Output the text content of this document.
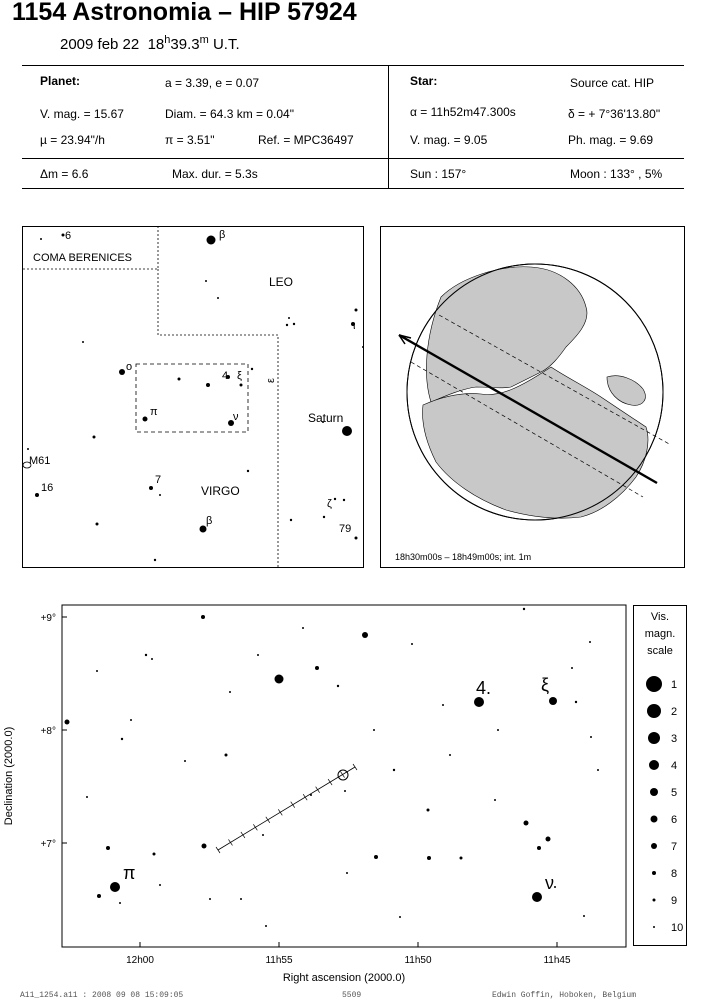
1154 Astronomia – HIP 57924
2009 feb 22 18$^h$39.3$^m$ U.T.
Planet:	a = 3.39, e = 0.07
V. mag. = 15.67	Diam. = 64.3 km = 0.04"
µ = 23.94"/h	π = 3.51"	Ref. = MPC36497
Star:	Source cat. HIP
α = 11h52m47.300s	δ = + 7°36'13.80"
V. mag. = 9.05	Ph. mag. = 9.69
Δm = 6.6	Max. dur. = 5.3s	Sun : 157°	Moon : 133° , 5%
COMA BERENICES
LEO
VIRGO
Saturn
M61
6
16
7
79
4
β
β
o
ξ
π	ν
ε
ι
ζ
18h30m00s – 18h49m00s; int. 1m
+9°
+8°
+7°
12h00	11h55	11h50	11h45
4.	ξ
π	ν
Right ascension (2000.0)
Declination (2000.0)
Vis.
magn.
scale
1
2
3
4
5
6
7
8
9
10
A11_1254.a11 : 2008 09 08 15:09:05	5509	Edwin Goffin, Hoboken, Belgium
